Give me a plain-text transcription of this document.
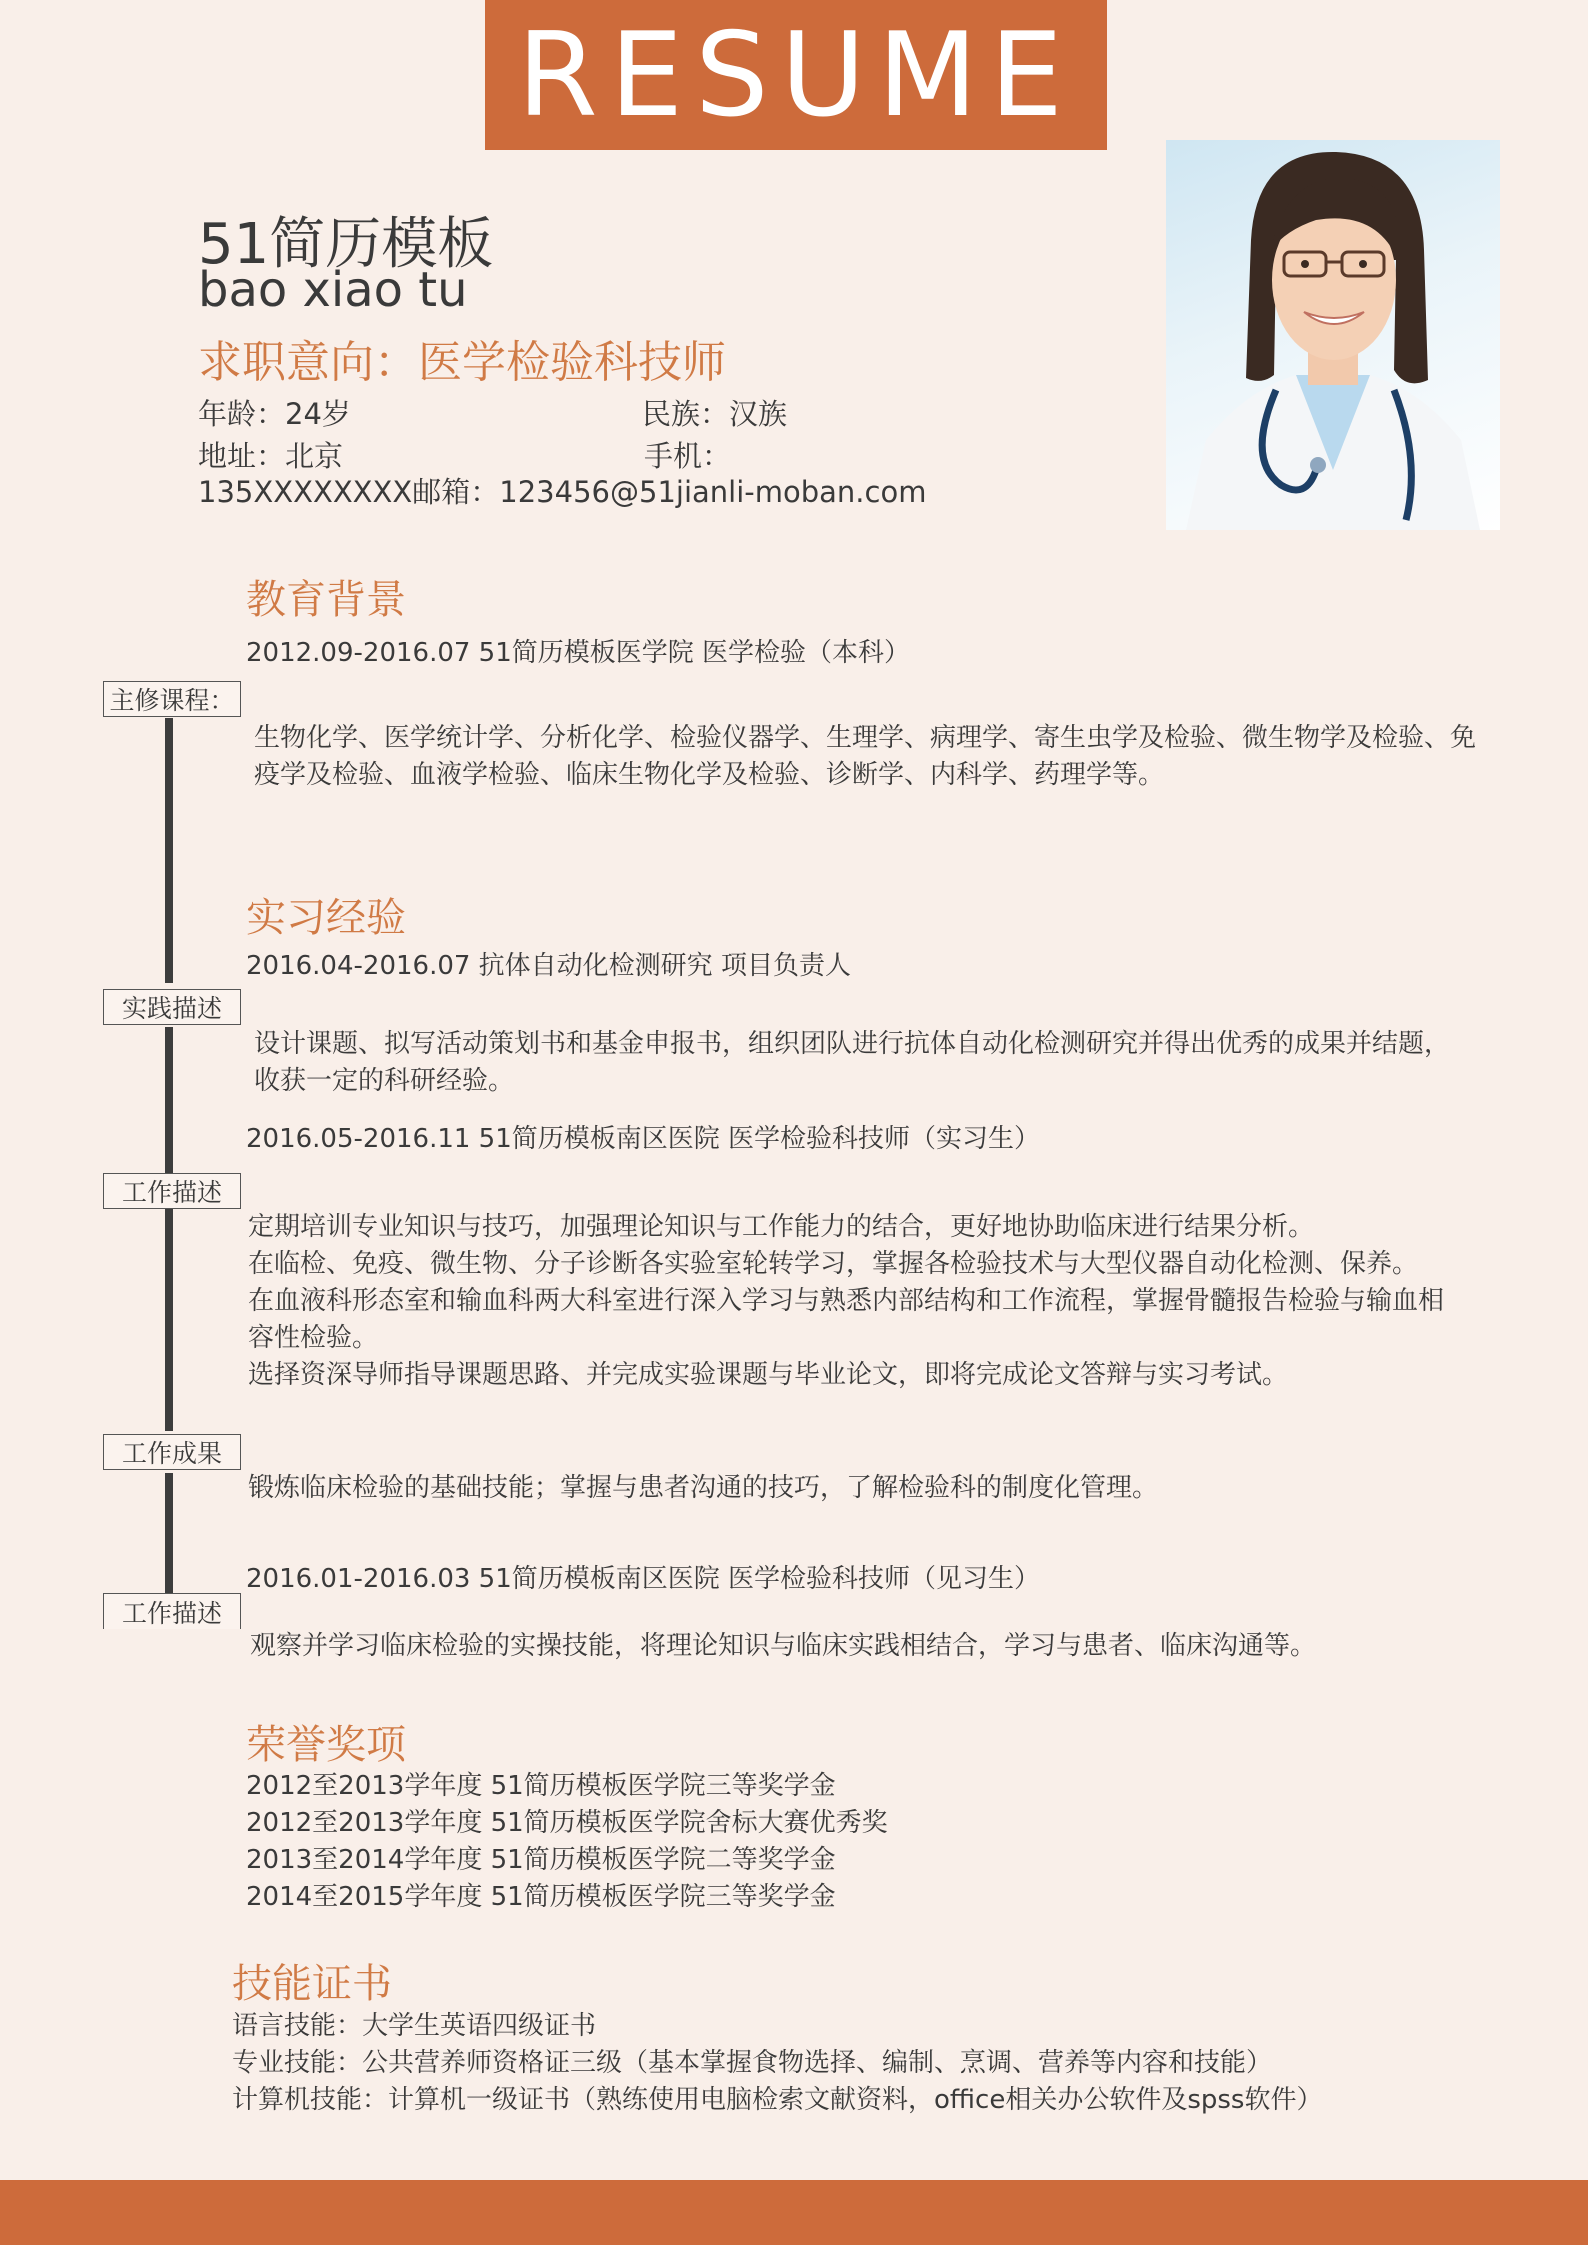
RESUME
51简历模板
bao xiao tu
求职意向：医学检验科技师
年龄：24岁	民族：汉族
地址：北京	手机：
135XXXXXXXX邮箱：123456@51jianli-moban.com
教育背景
2012.09-2016.07 51简历模板医学院 医学检验（本科）
主修课程：
生物化学、医学统计学、分析化学、检验仪器学、生理学、病理学、寄生虫学及检验、微生物学及检验、免疫学及检验、血液学检验、临床生物化学及检验、诊断学、内科学、药理学等。
实习经验
2016.04-2016.07 抗体自动化检测研究 项目负责人
实践描述
设计课题、拟写活动策划书和基金申报书，组织团队进行抗体自动化检测研究并得出优秀的成果并结题，收获一定的科研经验。
2016.05-2016.11 51简历模板南区医院 医学检验科技师（实习生）
工作描述
定期培训专业知识与技巧，加强理论知识与工作能力的结合，更好地协助临床进行结果分析。
在临检、免疫、微生物、分子诊断各实验室轮转学习，掌握各检验技术与大型仪器自动化检测、保养。
在血液科形态室和输血科两大科室进行深入学习与熟悉内部结构和工作流程，掌握骨髓报告检验与输血相容性检验。
选择资深导师指导课题思路、并完成实验课题与毕业论文，即将完成论文答辩与实习考试。
工作成果
锻炼临床检验的基础技能；掌握与患者沟通的技巧，了解检验科的制度化管理。
2016.01-2016.03 51简历模板南区医院 医学检验科技师（见习生）
工作描述
观察并学习临床检验的实操技能，将理论知识与临床实践相结合，学习与患者、临床沟通等。
荣誉奖项
2012至2013学年度 51简历模板医学院三等奖学金
2012至2013学年度 51简历模板医学院舍标大赛优秀奖
2013至2014学年度 51简历模板医学院二等奖学金
2014至2015学年度 51简历模板医学院三等奖学金
技能证书
语言技能：大学生英语四级证书
专业技能：公共营养师资格证三级（基本掌握食物选择、编制、烹调、营养等内容和技能）
计算机技能：计算机一级证书（熟练使用电脑检索文献资料，office相关办公软件及spss软件）
